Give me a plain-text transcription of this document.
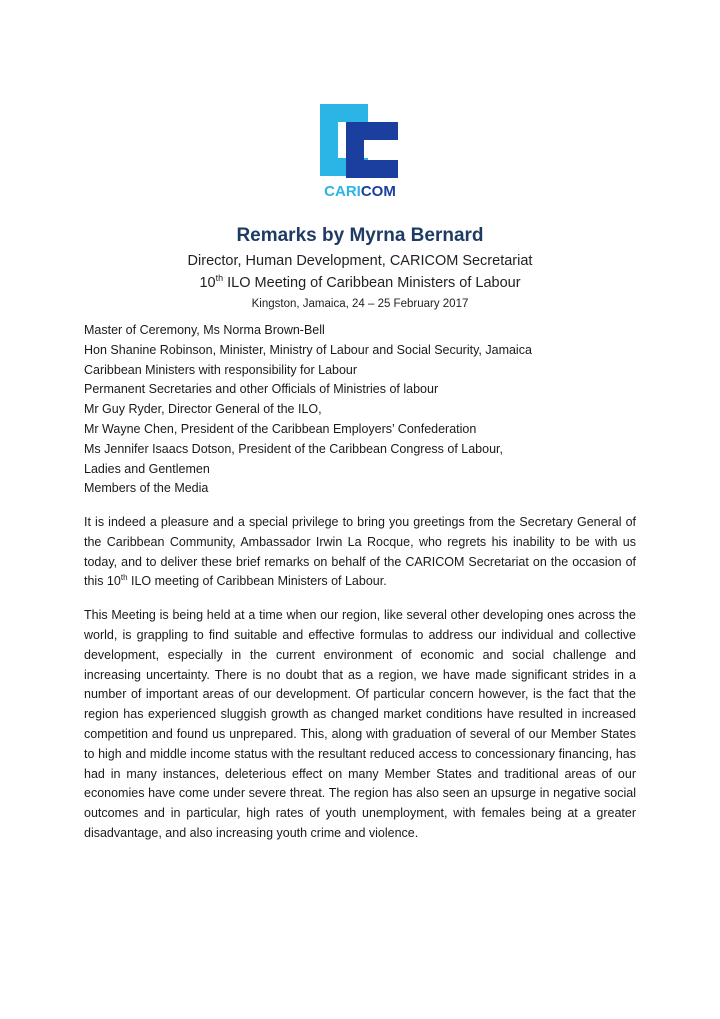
CARICOM
Remarks by Myrna Bernard
Director, Human Development, CARICOM Secretariat
10th ILO Meeting of Caribbean Ministers of Labour
Kingston, Jamaica, 24 – 25 February 2017
Master of Ceremony, Ms Norma Brown-Bell
Hon Shanine Robinson, Minister, Ministry of Labour and Social Security, Jamaica
Caribbean Ministers with responsibility for Labour
Permanent Secretaries and other Officials of Ministries of labour
Mr Guy Ryder, Director General of the ILO,
Mr Wayne Chen, President of the Caribbean Employers’ Confederation
Ms Jennifer Isaacs Dotson, President of the Caribbean Congress of Labour,
Ladies and Gentlemen
Members of the Media

It is indeed a pleasure and a special privilege to bring you greetings from the Secretary General of the Caribbean Community, Ambassador Irwin La Rocque, who regrets his inability to be with us today, and to deliver these brief remarks on behalf of the CARICOM Secretariat on the occasion of this 10th ILO meeting of Caribbean Ministers of Labour.

This Meeting is being held at a time when our region, like several other developing ones across the world, is grappling to find suitable and effective formulas to address our individual and collective development, especially in the current environment of economic and social challenge and increasing uncertainty. There is no doubt that as a region, we have made significant strides in a number of important areas of our development. Of particular concern however, is the fact that the region has experienced sluggish growth as changed market conditions have resulted in increased competition and found us unprepared. This, along with graduation of several of our Member States to high and middle income status with the resultant reduced access to concessionary financing, has had in many instances, deleterious effect on many Member States and traditional areas of our economies have come under severe threat. The region has also seen an upsurge in negative social outcomes and in particular, high rates of youth unemployment, with females being at a greater disadvantage, and also increasing youth crime and violence.
